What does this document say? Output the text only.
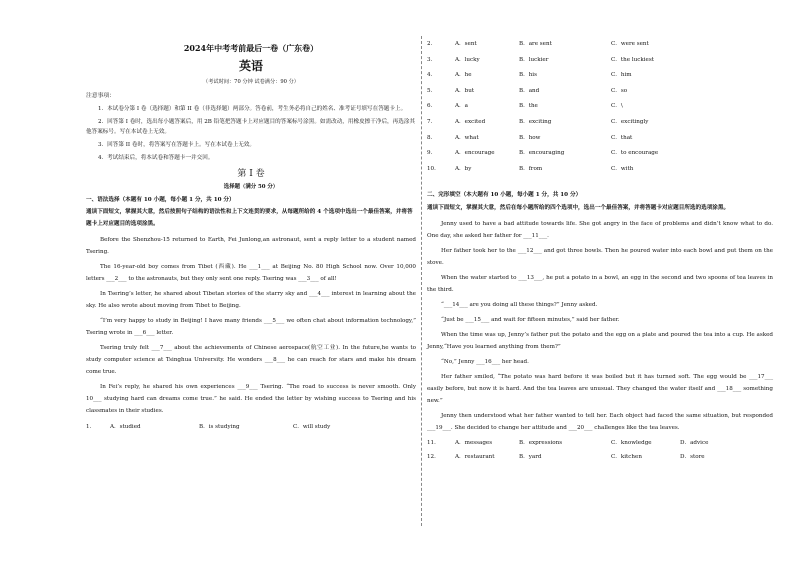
2024年中考考前最后一卷（广东卷）
英语
（考试时间：70 分钟 试卷满分：90 分）
注意事项：
1．本试卷分第 I 卷（选择题）和第 II 卷（非选择题）两部分。答卷前，考生务必将自己的姓名、准考证号填写在答题卡上。
2．回答第 I 卷时，选出每小题答案后，用 2B 铅笔把答题卡上对应题目的答案标号涂黑。如需改动，用橡皮擦干净后，再选涂其他答案标号。写在本试卷上无效。
3．回答第 II 卷时，将答案写在答题卡上。写在本试卷上无效。
4．考试结束后，将本试卷和答题卡一并交回。
第 I 卷
选择题（满分 50 分）
一、语法选择（本题有 10 小题，每小题 1 分，共 10 分）
通读下面短文，掌握其大意，然后按照句子结构的语法性和上下文连贯的要求，从每题所给的 4 个选项中选出一个最佳答案，并将答题卡上对应题目的选项涂黑。
Before the Shenzhou-15 returned to Earth, Fei Junlong,an astronaut, sent a reply letter to a student named Tsering.
The 16-year-old boy comes from Tibet (西藏). He ___1___ at Beijing No. 80 High School now. Over 10,000 letters ___2___ to the astronauts, but they only sent one reply. Tsering was ___3___ of all!
In Tsering’s letter, he shared about Tibetan stories of the starry sky and ___4___ interest in learning about the sky. He also wrote about moving from Tibet to Beijing.
“I’m very happy to study in Beijing! I have many friends ___5___ we often chat about information technology,” Tsering wrote in ___6___ letter.
Tsering truly felt ___7___ about the achievements of Chinese aerospace(航空工业). In the future,he wants to study computer science at Tsinghua University. He wonders ___8___ he can reach for stars and make his dream come true.
In Fei’s reply, he shared his own experiences ___9___ Tsering. “The road to success is never smooth. Only 10___ studying hard can dreams come true.” he said. He ended the letter by wishing success to Tsering and his classmates in their studies.
1．	A．studied	B．is studying	C．will study
2．	A．sent	B．are sent	C．were sent
3．	A．lucky	B．luckier	C．the luckiest
4．	A．he	B．his	C．him
5．	A．but	B．and	C．so
6．	A．a	B．the	C．\
7．	A．excited	B．exciting	C．excitingly
8．	A．what	B．how	C．that
9．	A．encourage	B．encouraging	C．to encourage
10．	A．by	B．from	C．with
二、完形填空（本大题有 10 小题，每小题 1 分，共 10 分）
通读下面短文，掌握其大意，然后在每小题所给的四个选项中，选出一个最佳答案，并将答题卡对应题目所选的选项涂黑。
Jenny used to have a bad attitude towards life. She got angry in the face of problems and didn’t know what to do. One day, she asked her father for ___11___.
Her father took her to the ___12___ and got three bowls. Then he poured water into each bowl and put them on the stove.
When the water started to ___13___, he put a potato in a bowl, an egg in the second and two spoons of tea leaves in the third.
“___14___ are you doing all these things?” Jenny asked.
“Just be ___15___ and wait for fifteen minutes,” said her father.
When the time was up, Jenny’s father put the potato and the egg on a plate and poured the tea into a cup. He asked Jenny,“Have you learned anything from them?”
“No,” Jenny ___16___ her head.
Her father smiled, “The potato was hard before it was boiled but it has turned soft. The egg would be ___17___ easily before, but now it is hard. And the tea leaves are unusual. They changed the water itself and ___18___ something new.”
Jenny then understood what her father wanted to tell her. Each object had faced the same situation, but responded ___19___. She decided to change her attitude and ___20___ challenges like the tea leaves.
11．	A．messages	B．expressions	C．knowledge	D．advice
12．	A．restaurant	B．yard	C．kitchen	D．store
